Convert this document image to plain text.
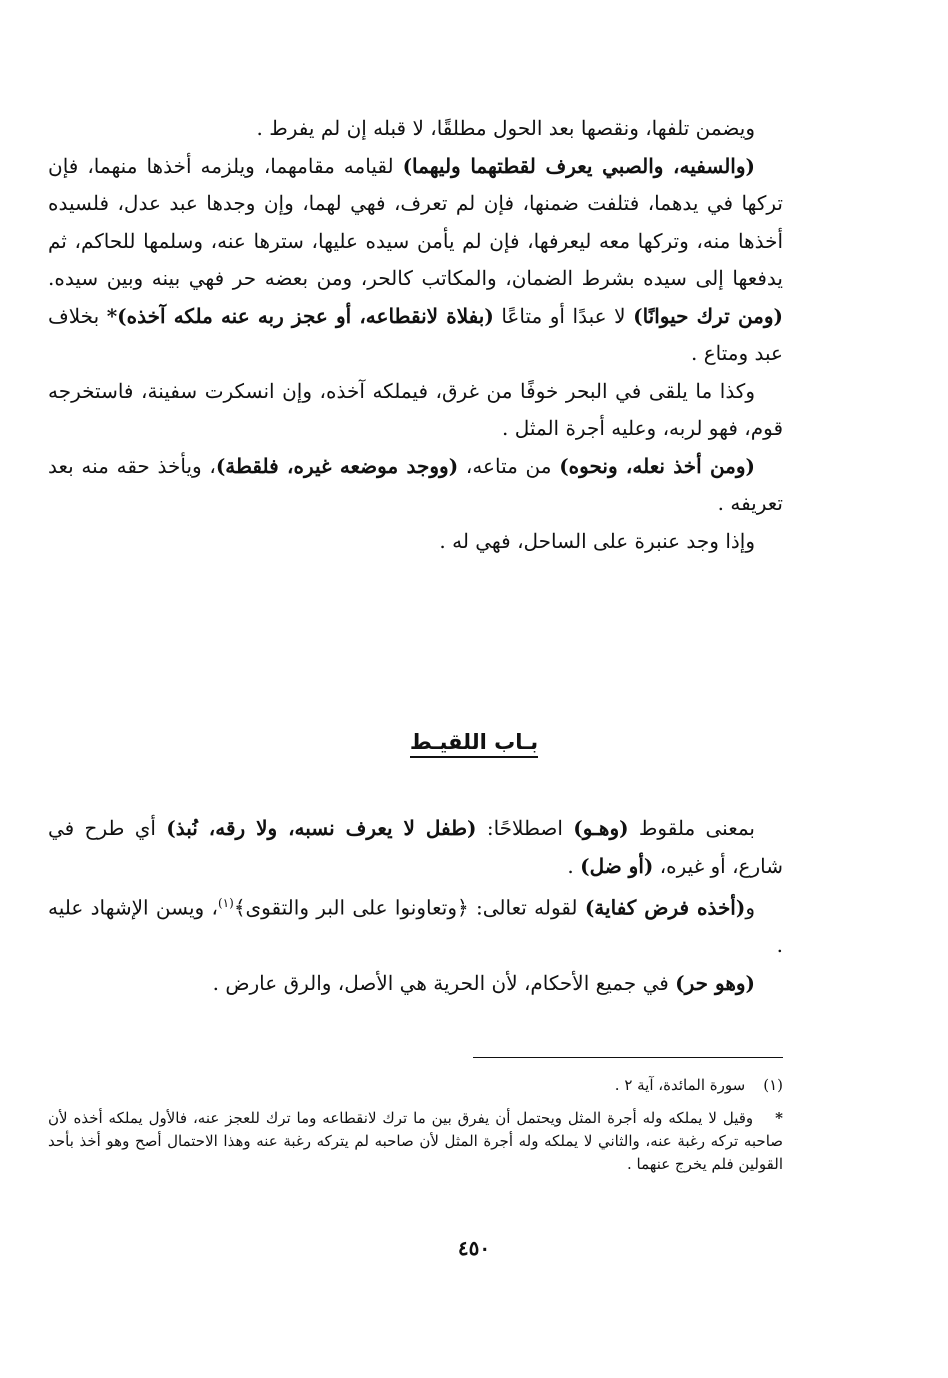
ويضمن تلفها، ونقصها بعد الحول مطلقًا، لا قبله إن لم يفرط .

(والسفيه، والصبي يعرف لقطتهما وليهما) لقيامه مقامهما، ويلزمه أخذها منهما، فإن تركها في يدهما، فتلفت ضمنها، فإن لم تعرف، فهي لهما، وإن وجدها عبد عدل، فلسيده أخذها منه، وتركها معه ليعرفها، فإن لم يأمن سيده عليها، سترها عنه، وسلمها للحاكم، ثم يدفعها إلى سيده بشرط الضمان، والمكاتب كالحر، ومن بعضه حر فهي بينه وبين سيده. (ومن ترك حيوانًا) لا عبدًا أو متاعًا (بفلاة لانقطاعه، أو عجز ربه عنه ملكه آخذه)* بخلاف عبد ومتاع .

وكذا ما يلقى في البحر خوفًا من غرق، فيملكه آخذه، وإن انسكرت سفينة، فاستخرجه قوم، فهو لربه، وعليه أجرة المثل .

(ومن أخذ نعله، ونحوه) من متاعه، (ووجد موضعه غيره، فلقطة)، ويأخذ حقه منه بعد تعريفه .

وإذا وجد عنبرة على الساحل، فهي له .

بـاب اللقيـط

بمعنى ملقوط (وهـو) اصطلاحًا: (طفل لا يعرف نسبه، ولا رقه، نُبذ) أي طرح في شارع، أو غيره، (أو ضل) .

و(أخذه فرض كفاية) لقوله تعالى: ﴿وتعاونوا على البر والتقوى﴾$^{(١)}$، ويسن الإشهاد عليه .

(وهو حر) في جميع الأحكام، لأن الحرية هي الأصل، والرق عارض .

(١)سورة المائدة، آية ٢ .

*وقيل لا يملكه وله أجرة المثل ويحتمل أن يفرق بين ما ترك لانقطاعه وما ترك للعجز عنه، فالأول يملكه أخذه لأن صاحبه تركه رغبة عنه، والثاني لا يملكه وله أجرة المثل لأن صاحبه لم يتركه رغبة عنه وهذا الاحتمال أصح وهو أخذ بأحد القولين فلم يخرج عنهما .

٤٥٠
